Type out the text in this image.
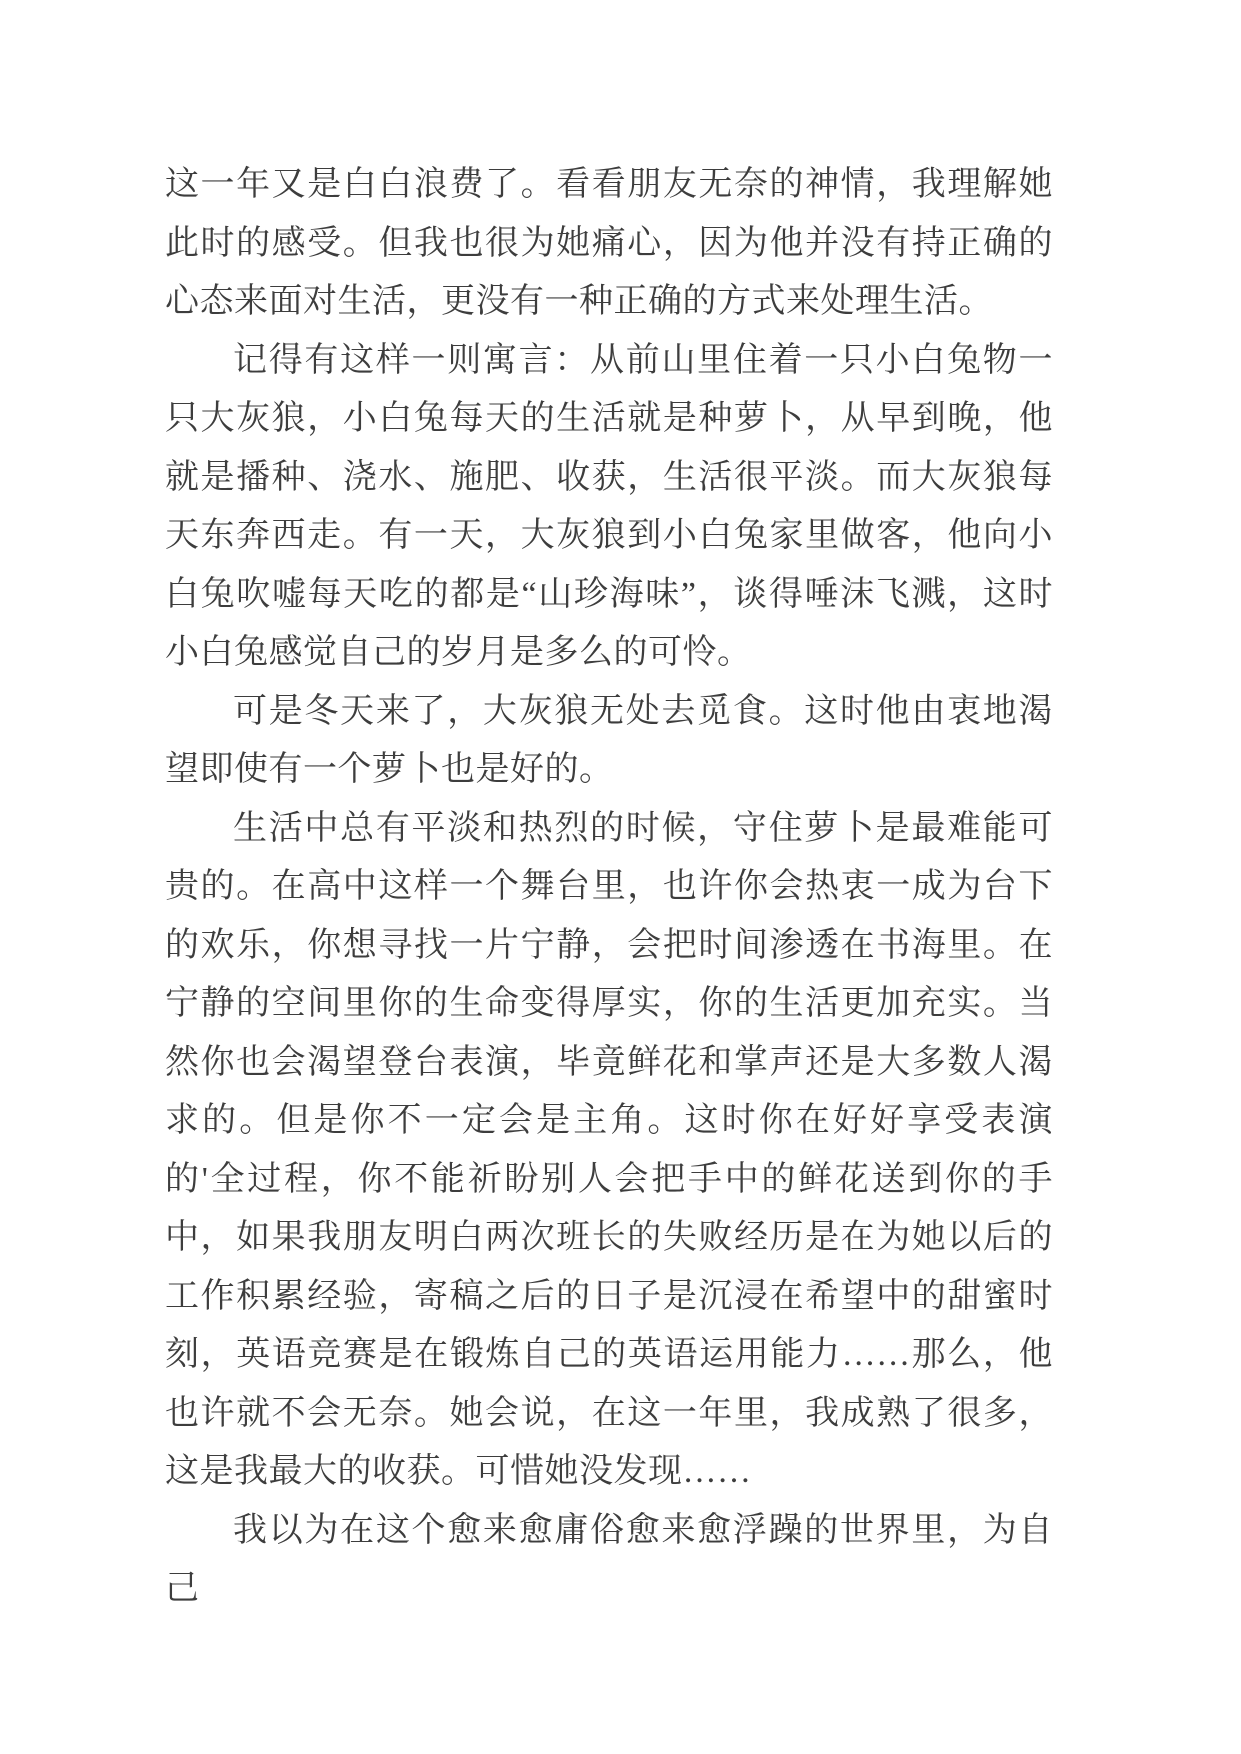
这一年又是白白浪费了。看看朋友无奈的神情，我理解她此时的感受。但我也很为她痛心，因为他并没有持正确的心态来面对生活，更没有一种正确的方式来处理生活。

记得有这样一则寓言：从前山里住着一只小白兔物一只大灰狼，小白兔每天的生活就是种萝卜，从早到晚，他就是播种、浇水、施肥、收获，生活很平淡。而大灰狼每天东奔西走。有一天，大灰狼到小白兔家里做客，他向小白兔吹嘘每天吃的都是“山珍海味”，谈得唾沫飞溅，这时小白兔感觉自己的岁月是多么的可怜。

可是冬天来了，大灰狼无处去觅食。这时他由衷地渴望即使有一个萝卜也是好的。

生活中总有平淡和热烈的时候，守住萝卜是最难能可贵的。在高中这样一个舞台里，也许你会热衷一成为台下的欢乐，你想寻找一片宁静，会把时间渗透在书海里。在宁静的空间里你的生命变得厚实，你的生活更加充实。当然你也会渴望登台表演，毕竟鲜花和掌声还是大多数人渴求的。但是你不一定会是主角。这时你在好好享受表演的'全过程，你不能祈盼别人会把手中的鲜花送到你的手中，如果我朋友明白两次班长的失败经历是在为她以后的工作积累经验，寄稿之后的日子是沉浸在希望中的甜蜜时刻，英语竞赛是在锻炼自己的英语运用能力……那么，他也许就不会无奈。她会说，在这一年里，我成熟了很多，这是我最大的收获。可惜她没发现……

我以为在这个愈来愈庸俗愈来愈浮躁的世界里，为自己
